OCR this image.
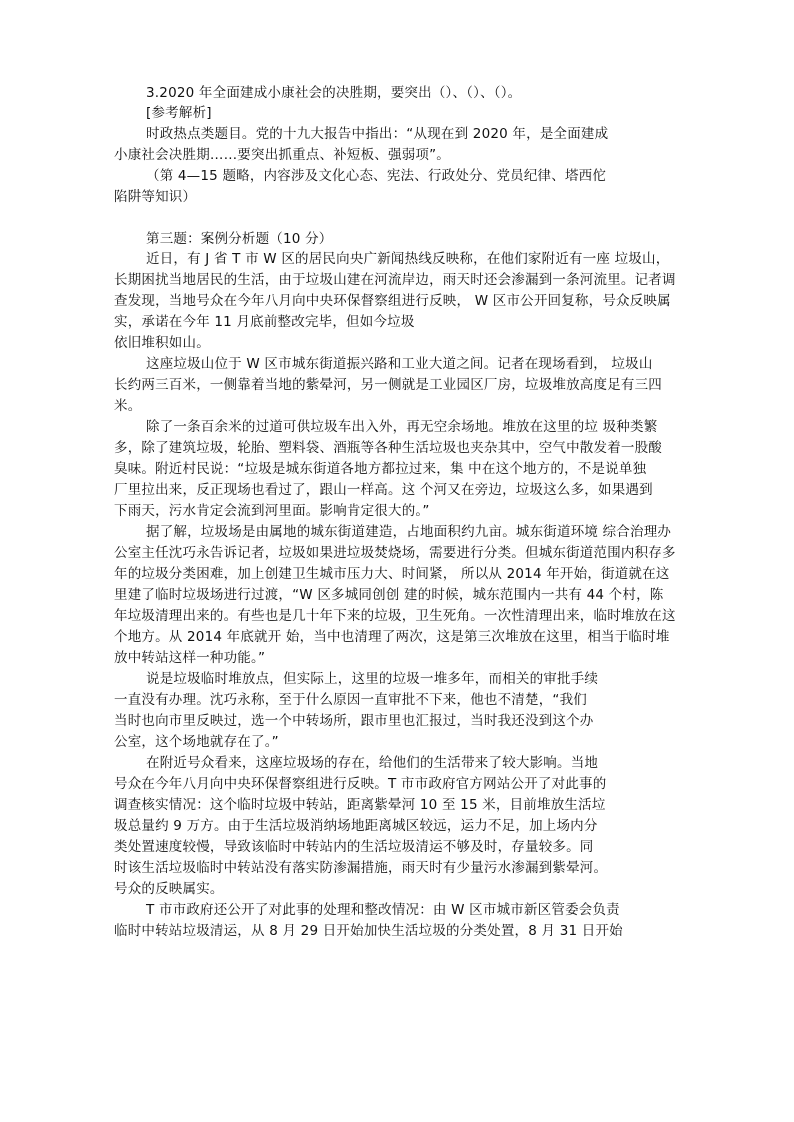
3.2020 年全面建成小康社会的决胜期，要突出（）、（）、（）。
[参考解析]
时政热点类题目。党的十九大报告中指出：“从现在到 2020 年，是全面建成
小康社会决胜期……要突出抓重点、补短板、强弱项”。
（第 4—15 题略，内容涉及文化心态、宪法、行政处分、党员纪律、塔西佗
陷阱等知识）
第三题：案例分析题（10 分）
近日，有 J 省 T 市 W 区的居民向央广新闻热线反映称，在他们家附近有一座 垃圾山，
长期困扰当地居民的生活，由于垃圾山建在河流岸边，雨天时还会渗漏到一条河流里。记者调
查发现，当地号众在今年八月向中央环保督察组进行反映， W 区市公开回复称，号众反映属
实，承诺在今年 11 月底前整改完毕，但如今垃圾
依旧堆积如山。
这座垃圾山位于 W 区市城东街道振兴路和工业大道之间。记者在现场看到， 垃圾山
长约两三百米，一侧靠着当地的紫晕河，另一侧就是工业园区厂房，垃圾堆放高度足有三四
米。
除了一条百余米的过道可供垃圾车出入外，再无空余场地。堆放在这里的垃 圾种类繁
多，除了建筑垃圾，轮胎、塑料袋、酒瓶等各种生活垃圾也夹杂其中，空气中散发着一股酸
臭味。附近村民说：“垃圾是城东街道各地方都拉过来，集 中在这个地方的，不是说单独
厂里拉出来，反正现场也看过了，跟山一样高。这 个河又在旁边，垃圾这么多，如果遇到
下雨天，污水肯定会流到河里面。影响肯定很大的。”
据了解，垃圾场是由属地的城东街道建造，占地面积约九亩。城东街道环境 综合治理办
公室主任沈巧永告诉记者，垃圾如果进垃圾焚烧场，需要进行分类。但城东街道范围内积存多
年的垃圾分类困难，加上创建卫生城市压力大、时间紧， 所以从 2014 年开始，街道就在这
里建了临时垃圾场进行过渡，“W 区多城同创创 建的时候，城东范围内一共有 44 个村，陈
年垃圾清理出来的。有些也是几十年下来的垃圾，卫生死角。一次性清理出来，临时堆放在这
个地方。从 2014 年底就开 始，当中也清理了两次，这是第三次堆放在这里，相当于临时堆
放中转站这样一种功能。”
说是垃圾临时堆放点，但实际上，这里的垃圾一堆多年，而相关的审批手续
一直没有办理。沈巧永称，至于什么原因一直审批不下来，他也不清楚，“我们
当时也向市里反映过，选一个中转场所，跟市里也汇报过，当时我还没到这个办
公室，这个场地就存在了。”
在附近号众看来，这座垃圾场的存在，给他们的生活带来了较大影响。当地
号众在今年八月向中央环保督察组进行反映。T 市市政府官方网站公开了对此事的
调查核实情况：这个临时垃圾中转站，距离紫晕河 10 至 15 米，目前堆放生活垃
圾总量约 9 万方。由于生活垃圾消纳场地距离城区较远，运力不足，加上场内分
类处置速度较慢，导致该临时中转站内的生活垃圾清运不够及时，存量较多。同
时该生活垃圾临时中转站没有落实防渗漏措施，雨天时有少量污水渗漏到紫晕河。
号众的反映属实。
T 市市政府还公开了对此事的处理和整改情况：由 W 区市城市新区管委会负责
临时中转站垃圾清运，从 8 月 29 日开始加快生活垃圾的分类处置，8 月 31 日开始
